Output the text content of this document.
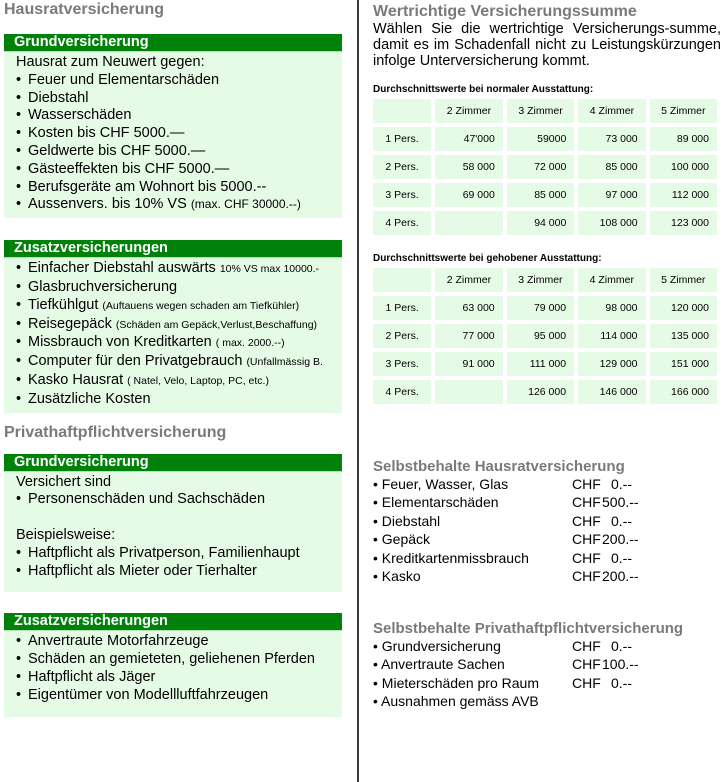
Hausratversicherung
Grundversicherung
Hausrat zum Neuwert gegen:
• Feuer und Elementarschäden
• Diebstahl
• Wasserschäden
• Kosten bis CHF 5000.—
• Geldwerte bis CHF 5000.—
• Gästeeffekten bis CHF 5000.—
• Berufsgeräte am Wohnort bis 5000.--
• Aussenvers. bis 10% VS (max. CHF 30000.--)
Zusatzversicherungen
• Einfacher Diebstahl auswärts 10% VS max 10000.-
• Glasbruchversicherung
• Tiefkühlgut (Auftauens wegen schaden am Tiefkühler)
• Reisegepäck (Schäden am Gepäck,Verlust,Beschaffung)
• Missbrauch von Kreditkarten ( max. 2000.--)
• Computer für den Privatgebrauch (Unfallmässig B.
• Kasko Hausrat ( Natel, Velo, Laptop, PC, etc.)
• Zusätzliche Kosten
Privathaftpflichtversicherung
Grundversicherung
Versichert sind
• Personenschäden und Sachschäden
Beispielsweise:
• Haftpflicht als Privatperson, Familienhaupt
• Haftpflicht als Mieter oder Tierhalter
Zusatzversicherungen
• Anvertraute Motorfahrzeuge
• Schäden an gemieteten, geliehenen Pferden
• Haftpflicht als Jäger
• Eigentümer von Modellluftfahrzeugen
Wertrichtige Versicherungssumme
Wählen Sie die wertrichtige Versicherungs-summe, damit es im Schadenfall nicht zu Leistungskürzungen infolge Unterversicherung kommt.
Durchschnittswerte bei normaler Ausstattung:
	2 Zimmer	3 Zimmer	4 Zimmer	5 Zimmer
1 Pers.	47'000	59000	73 000	89 000
2 Pers.	58 000	72 000	85 000	100 000
3 Pers.	69 000	85 000	97 000	112 000
4 Pers.		94 000	108 000	123 000
Durchschnittswerte bei gehobener Ausstattung:
	2 Zimmer	3 Zimmer	4 Zimmer	5 Zimmer
1 Pers.	63 000	79 000	98 000	120 000
2 Pers.	77 000	95 000	114 000	135 000
3 Pers.	91 000	111 000	129 000	151 000
4 Pers.		126 000	146 000	166 000
Selbstbehalte Hausratversicherung
• Feuer, Wasser, Glas	CHF 0.--
• Elementarschäden	CHF500.--
• Diebstahl	CHF 0.--
• Gepäck	CHF200.--
• Kreditkartenmissbrauch	CHF 0.--
• Kasko	CHF200.--
Selbstbehalte Privathaftpflichtversicherung
• Grundversicherung	CHF 0.--
• Anvertraute Sachen	CHF100.--
• Mieterschäden pro Raum CHF 0.--
• Ausnahmen gemäss AVB
